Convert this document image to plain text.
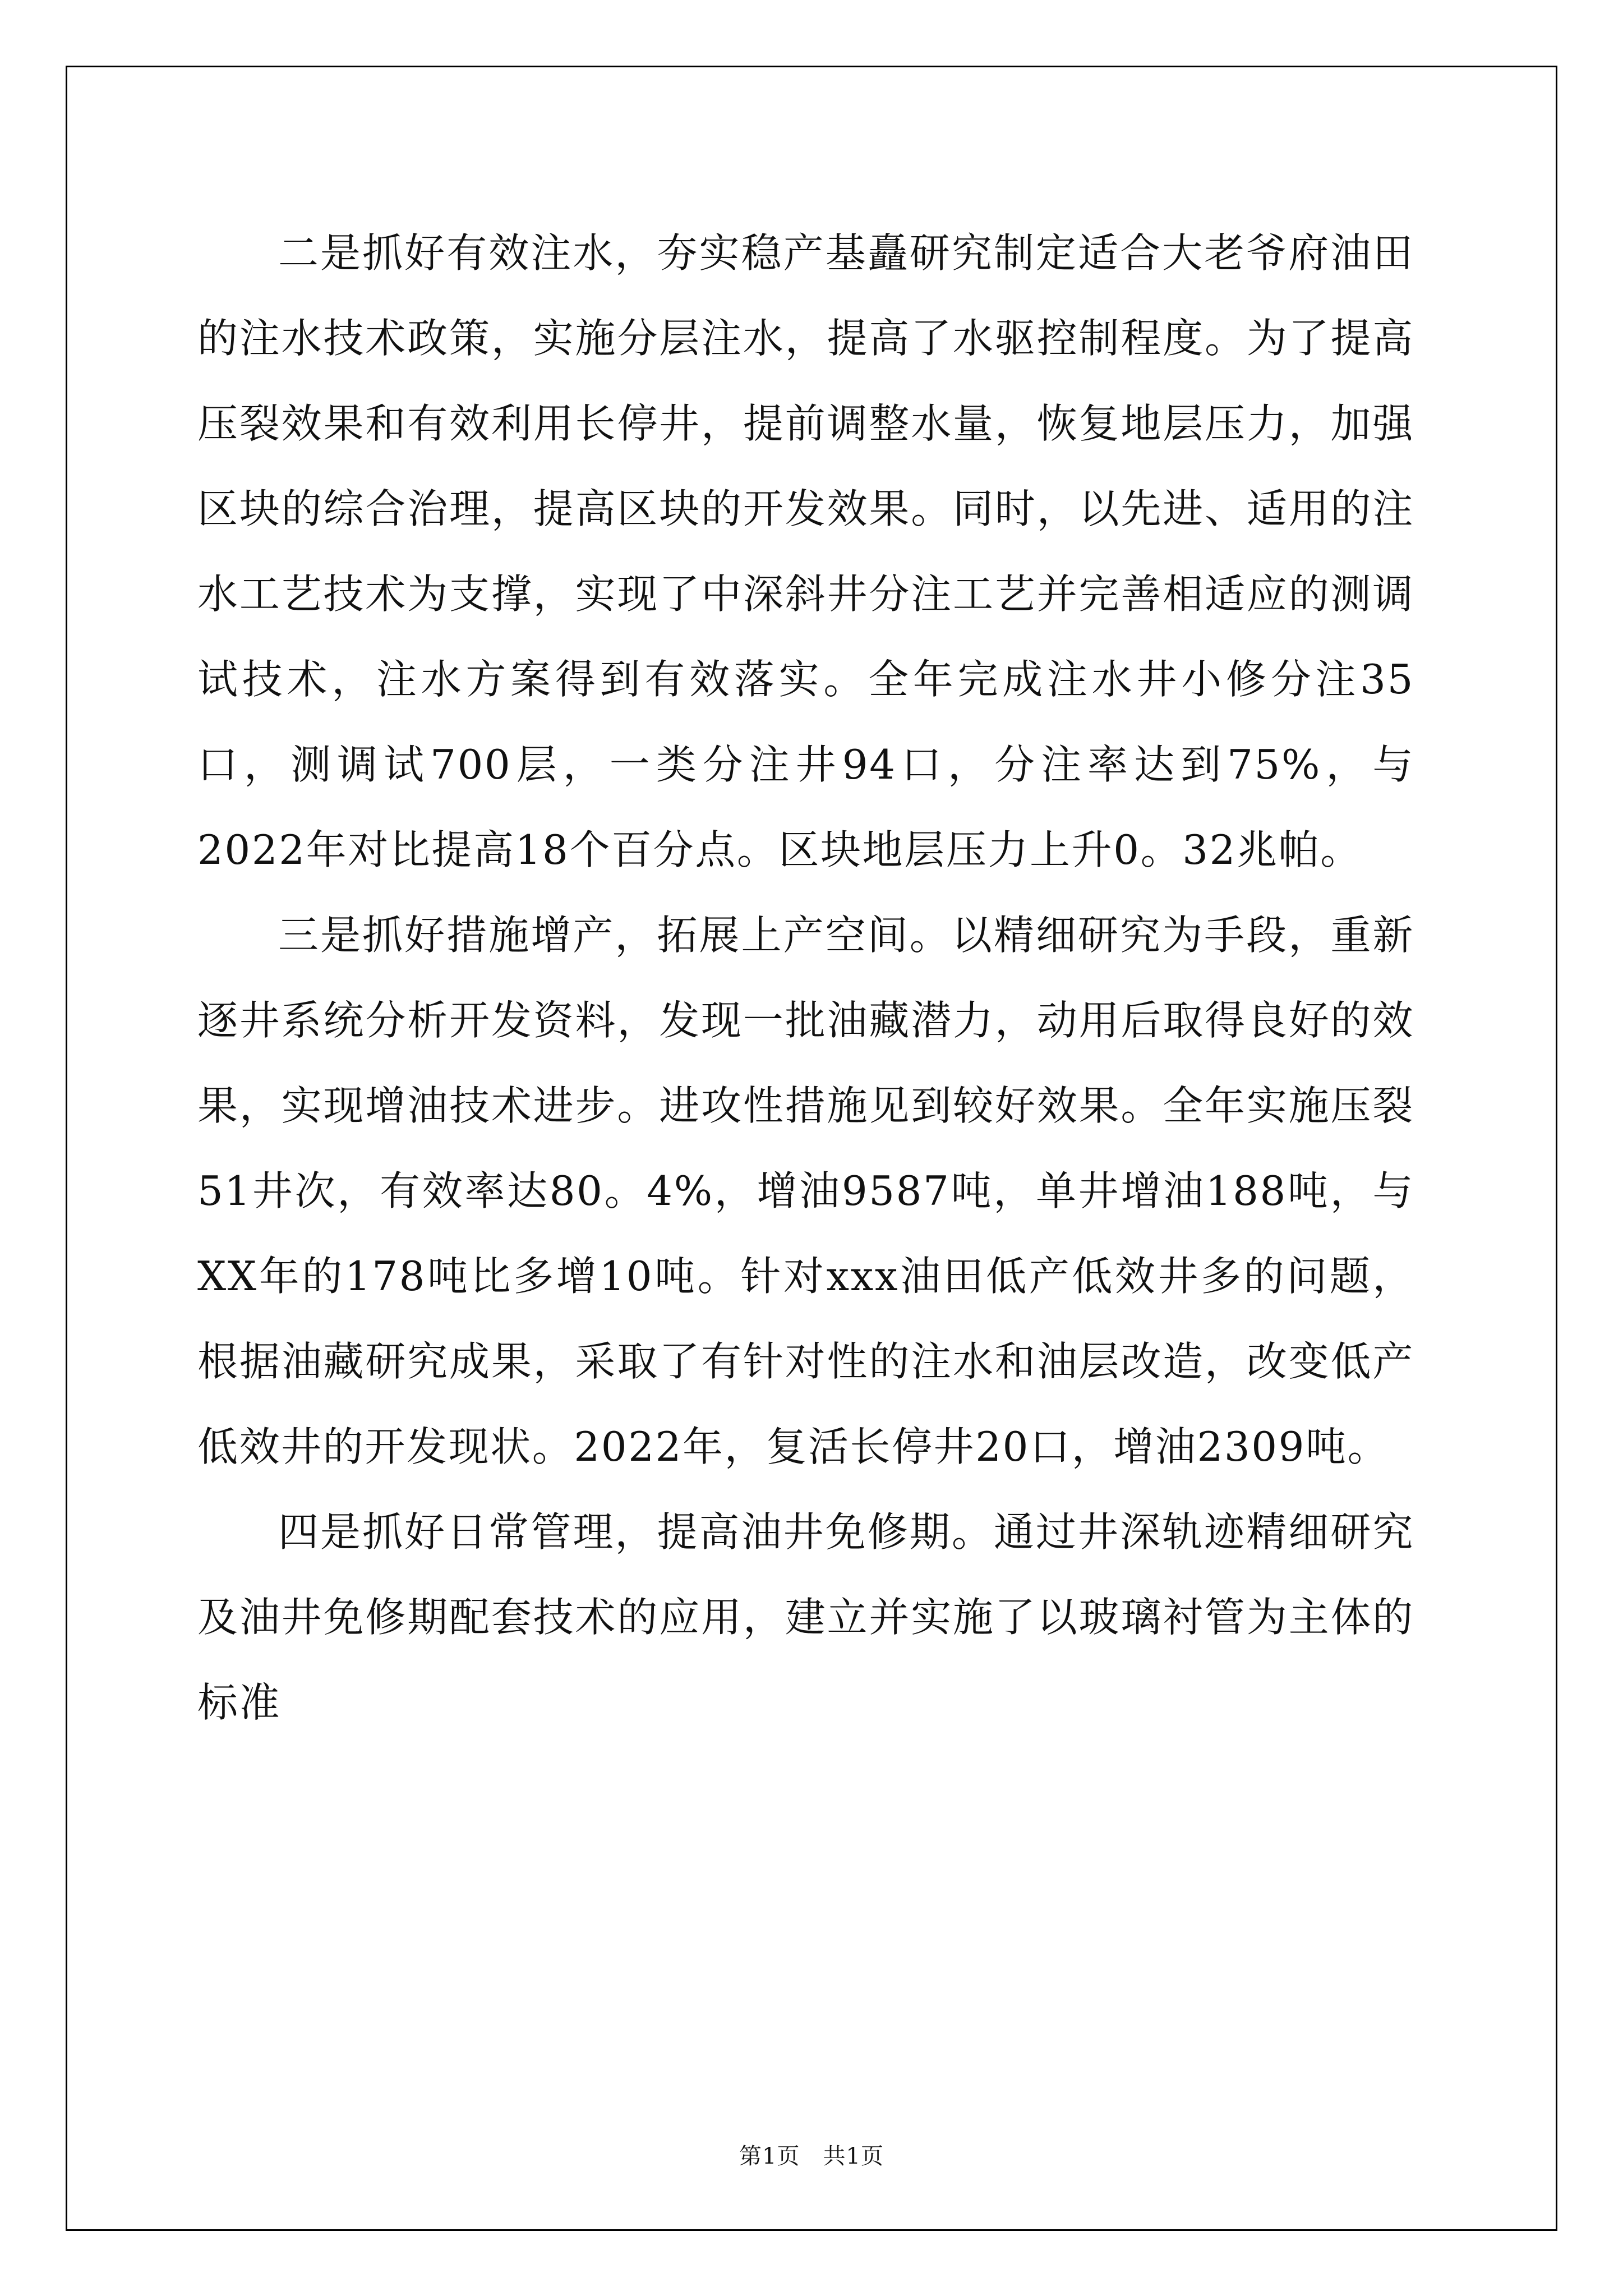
二是抓好有效注水，夯实稳产基矗研究制定适合大老爷府油田的注水技术政策，实施分层注水，提高了水驱控制程度。为了提高压裂效果和有效利用长停井，提前调整水量，恢复地层压力，加强区块的综合治理，提高区块的开发效果。同时，以先进、适用的注水工艺技术为支撑，实现了中深斜井分注工艺并完善相适应的测调试技术，注水方案得到有效落实。全年完成注水井小修分注35口，测调试700层，一类分注井94口，分注率达到75%，与2022年对比提高18个百分点。区块地层压力上升0。32兆帕。

三是抓好措施增产，拓展上产空间。以精细研究为手段，重新逐井系统分析开发资料，发现一批油藏潜力，动用后取得良好的效果，实现增油技术进步。进攻性措施见到较好效果。全年实施压裂51井次，有效率达80。4%，增油9587吨，单井增油188吨，与XX年的178吨比多增10吨。针对xxx油田低产低效井多的问题，根据油藏研究成果，采取了有针对性的注水和油层改造，改变低产低效井的开发现状。2022年，复活长停井20口，增油2309吨。

四是抓好日常管理，提高油井免修期。通过井深轨迹精细研究及油井免修期配套技术的应用，建立并实施了以玻璃衬管为主体的标准

第1页　共1页
